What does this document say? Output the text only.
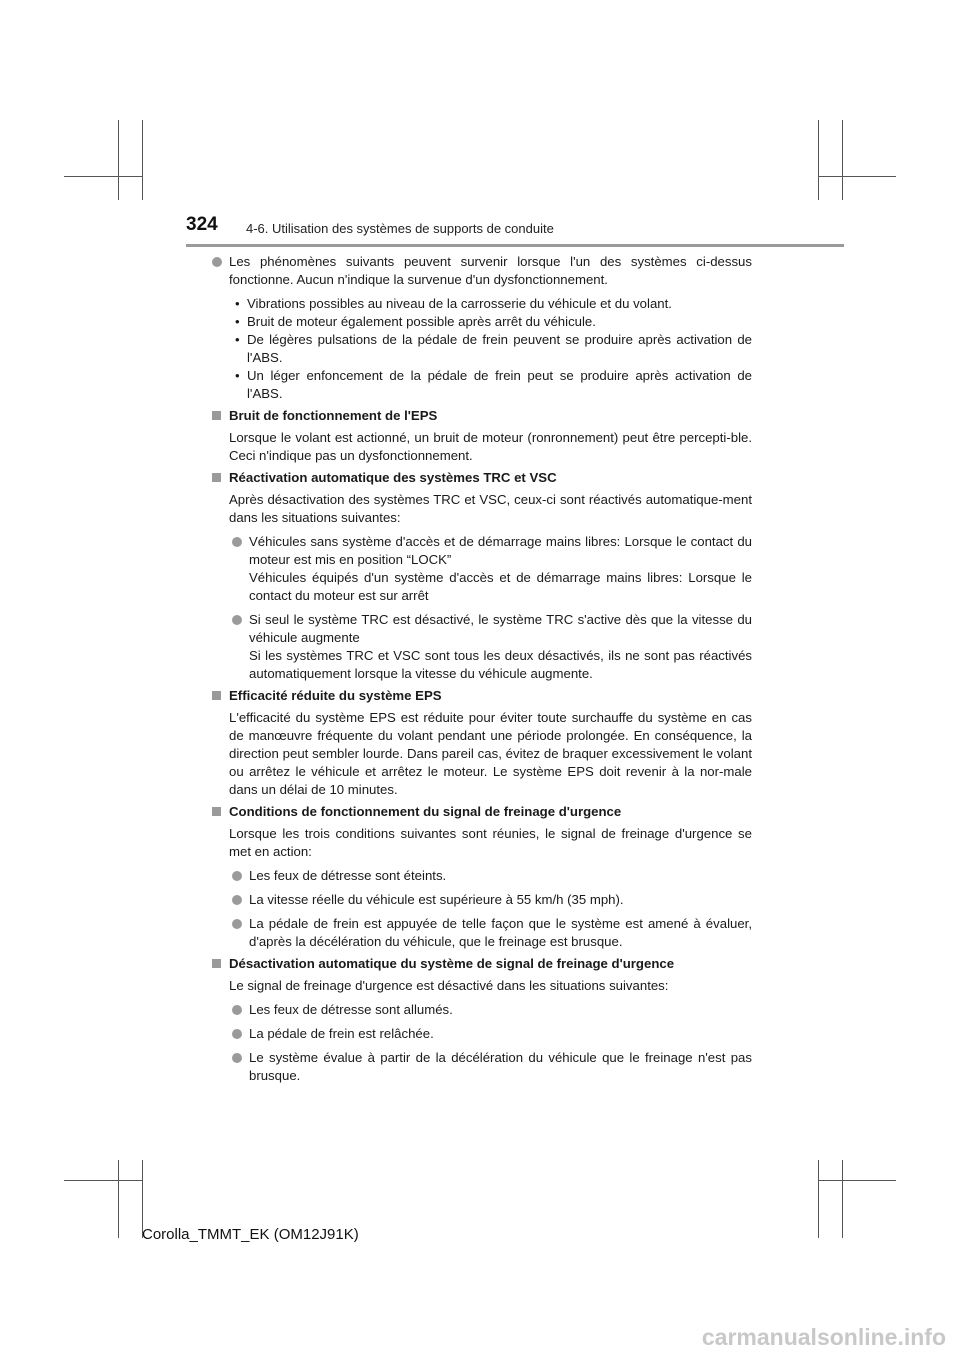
324 4-6. Utilisation des systèmes de supports de conduite

Les phénomènes suivants peuvent survenir lorsque l'un des systèmes ci-dessus fonctionne. Aucun n'indique la survenue d'un dysfonctionnement.

• Vibrations possibles au niveau de la carrosserie du véhicule et du volant.

• Bruit de moteur également possible après arrêt du véhicule.

• De légères pulsations de la pédale de frein peuvent se produire après activation de l'ABS.

• Un léger enfoncement de la pédale de frein peut se produire après activation de l'ABS.

Bruit de fonctionnement de l'EPS

Lorsque le volant est actionné, un bruit de moteur (ronronnement) peut être percepti-ble. Ceci n'indique pas un dysfonctionnement.

Réactivation automatique des systèmes TRC et VSC

Après désactivation des systèmes TRC et VSC, ceux-ci sont réactivés automatique-ment dans les situations suivantes:

Véhicules sans système d'accès et de démarrage mains libres: Lorsque le contact du moteur est mis en position “LOCK”

Véhicules équipés d'un système d'accès et de démarrage mains libres: Lorsque le contact du moteur est sur arrêt

Si seul le système TRC est désactivé, le système TRC s'active dès que la vitesse du véhicule augmente

Si les systèmes TRC et VSC sont tous les deux désactivés, ils ne sont pas réactivés automatiquement lorsque la vitesse du véhicule augmente.

Efficacité réduite du système EPS

L'efficacité du système EPS est réduite pour éviter toute surchauffe du système en cas de manœuvre fréquente du volant pendant une période prolongée. En conséquence, la direction peut sembler lourde. Dans pareil cas, évitez de braquer excessivement le volant ou arrêtez le véhicule et arrêtez le moteur. Le système EPS doit revenir à la nor-male dans un délai de 10 minutes.

Conditions de fonctionnement du signal de freinage d'urgence

Lorsque les trois conditions suivantes sont réunies, le signal de freinage d'urgence se met en action:

Les feux de détresse sont éteints.

La vitesse réelle du véhicule est supérieure à 55 km/h (35 mph).

La pédale de frein est appuyée de telle façon que le système est amené à évaluer, d'après la décélération du véhicule, que le freinage est brusque.

Désactivation automatique du système de signal de freinage d'urgence

Le signal de freinage d'urgence est désactivé dans les situations suivantes:

Les feux de détresse sont allumés.

La pédale de frein est relâchée.

Le système évalue à partir de la décélération du véhicule que le freinage n'est pas brusque.

Corolla_TMMT_EK (OM12J91K)
carmanualsonline.info
